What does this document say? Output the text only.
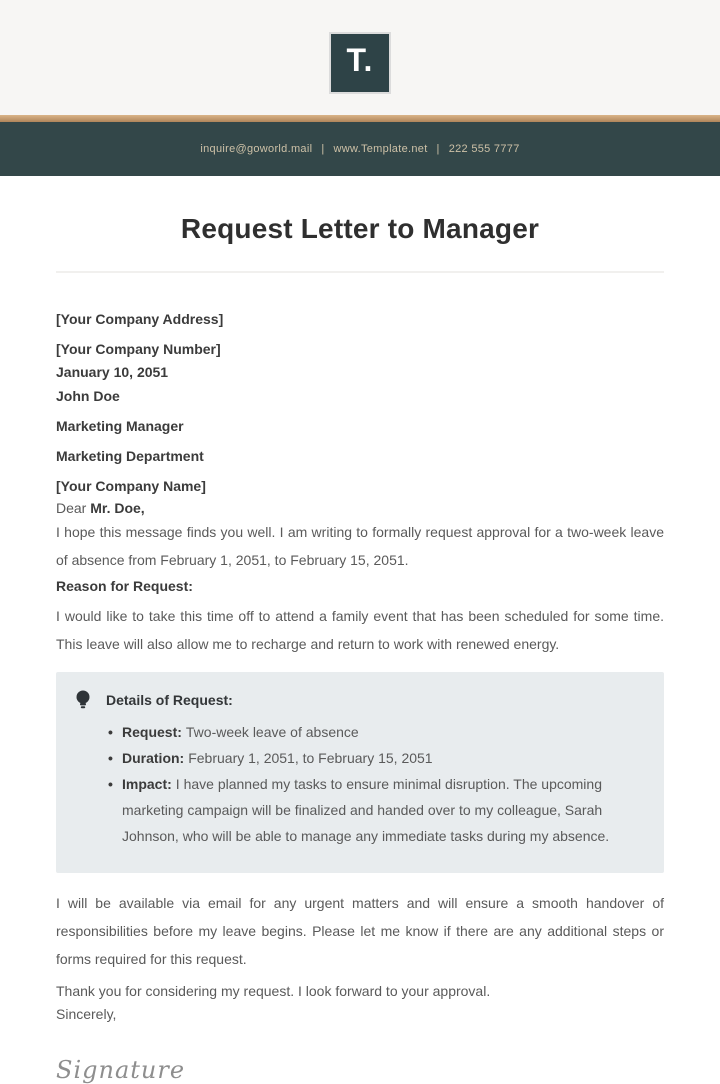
T.
inquire@goworld.mail | www.Template.net | 222 555 7777
Request Letter to Manager
[Your Company Address]
[Your Company Number]
January 10, 2051
John Doe
Marketing Manager
Marketing Department
[Your Company Name]
Dear Mr. Doe,

I hope this message finds you well. I am writing to formally request approval for a two-week leave of absence from February 1, 2051, to February 15, 2051.

Reason for Request:

I would like to take this time off to attend a family event that has been scheduled for some time. This leave will also allow me to recharge and return to work with renewed energy.

Details of Request:
• Request: Two-week leave of absence
• Duration: February 1, 2051, to February 15, 2051
• Impact: I have planned my tasks to ensure minimal disruption. The upcoming marketing campaign will be finalized and handed over to my colleague, Sarah Johnson, who will be able to manage any immediate tasks during my absence.

I will be available via email for any urgent matters and will ensure a smooth handover of responsibilities before my leave begins. Please let me know if there are any additional steps or forms required for this request.

Thank you for considering my request. I look forward to your approval.
Sincerely,
Signature
